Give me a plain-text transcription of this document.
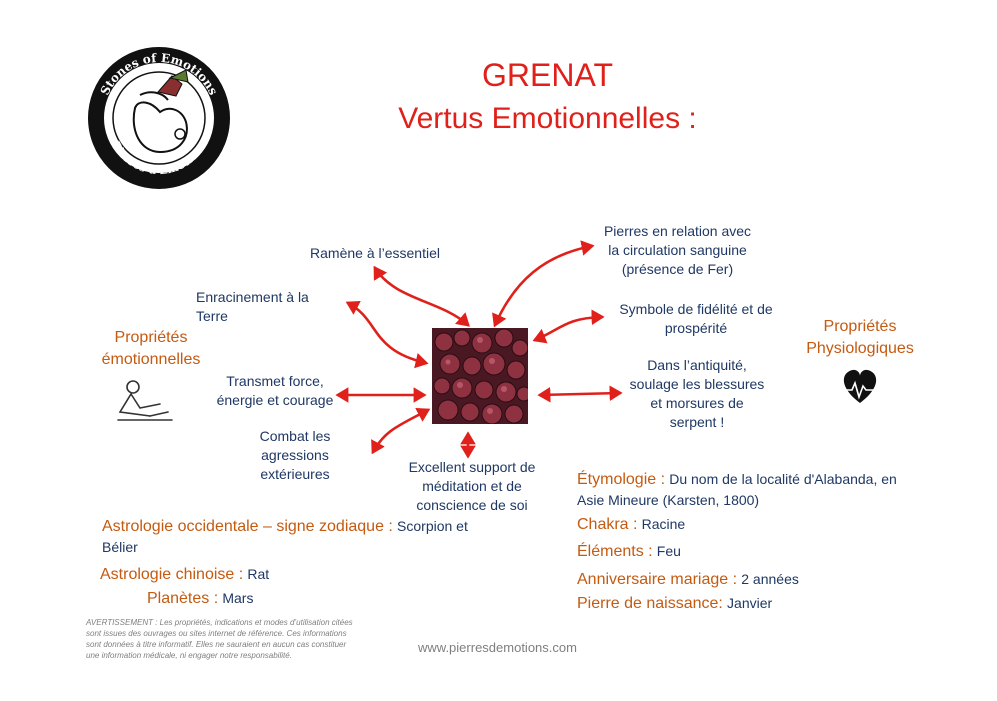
Stones of Emotions
Pierres d’Emotions
GRENAT
Vertus Emotionnelles :
Propriétés émotionnelles
Propriétés Physiologiques
Ramène à l’essentiel
Enracinement à la
Terre
Transmet force,
énergie et courage
Combat les
agressions
extérieures	Excellent support de
méditation et de
conscience de soi
Pierres en relation avec
la circulation sanguine
(présence de Fer)
Symbole de fidélité et de
prospérité
Dans l’antiquité,
soulage les blessures
et morsures de
serpent !
Astrologie occidentale – signe zodiaque : Scorpion et
Bélier
Astrologie chinoise : Rat
Planètes : Mars
Étymologie : Du nom de la localité d'Alabanda, en
Asie Mineure (Karsten, 1800)
Chakra : Racine
Éléments : Feu
Anniversaire mariage : 2 années
Pierre de naissance: Janvier
AVERTISSEMENT : Les propriétés, indications et modes d’utilisation citées
sont issues des ouvrages ou sites internet de référence. Ces informations
sont données à titre informatif. Elles ne sauraient en aucun cas constituer
une information médicale, ni engager notre responsabilité.
www.pierresdemotions.com
